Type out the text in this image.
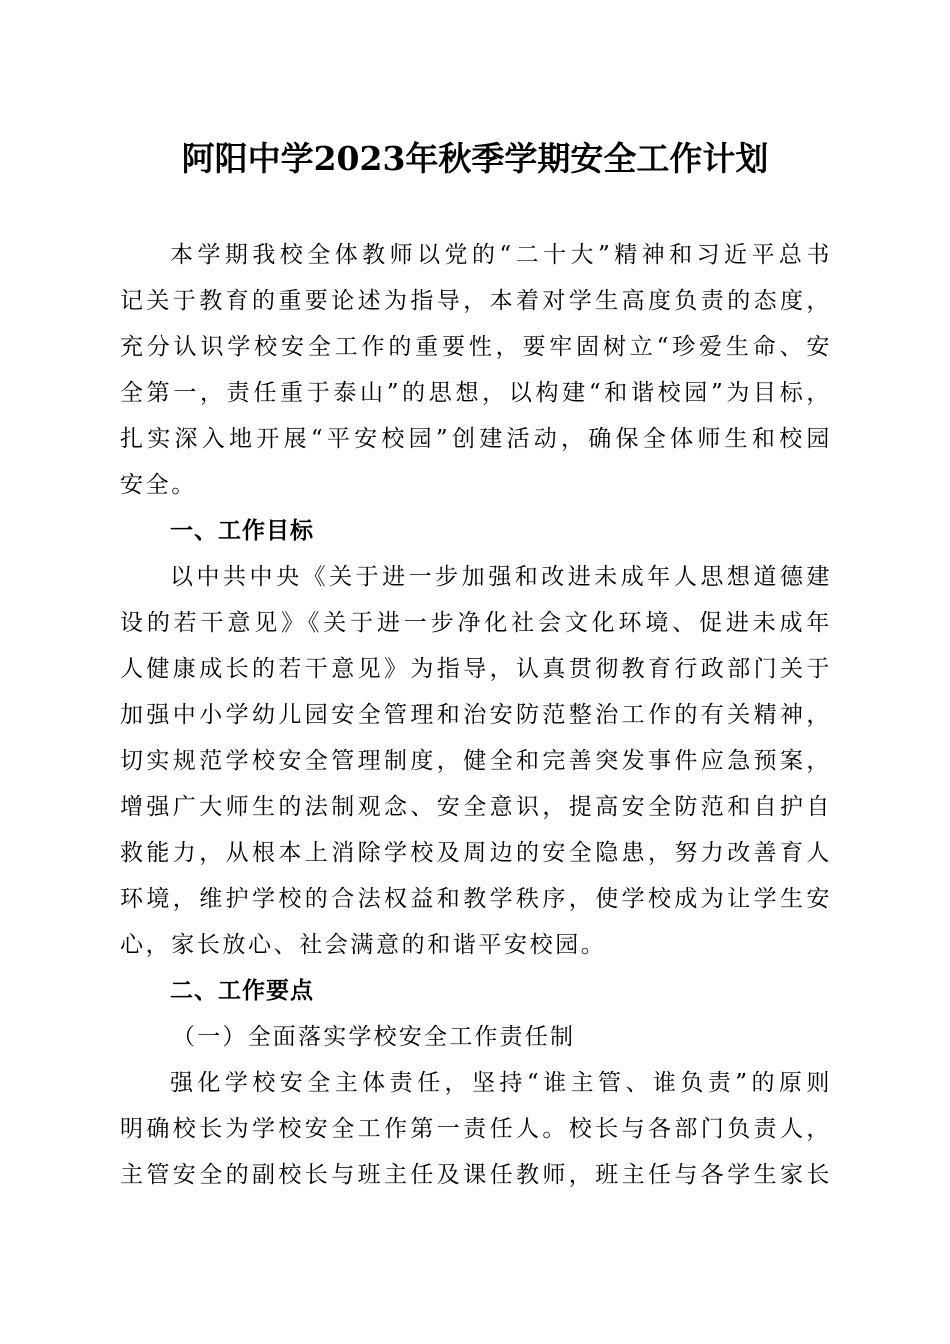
阿阳中学2023年秋季学期安全工作计划
本学期我校全体教师以党的“二十大”精神和习近平总书
记关于教育的重要论述为指导，本着对学生高度负责的态度，
充分认识学校安全工作的重要性，要牢固树立“珍爱生命、安
全第一，责任重于泰山”的思想，以构建“和谐校园”为目标，
扎实深入地开展“平安校园”创建活动，确保全体师生和校园
安全。
一、工作目标
以中共中央《关于进一步加强和改进未成年人思想道德建
设的若干意见》《关于进一步净化社会文化环境、促进未成年
人健康成长的若干意见》为指导，认真贯彻教育行政部门关于
加强中小学幼儿园安全管理和治安防范整治工作的有关精神，
切实规范学校安全管理制度，健全和完善突发事件应急预案，
增强广大师生的法制观念、安全意识，提高安全防范和自护自
救能力，从根本上消除学校及周边的安全隐患，努力改善育人
环境，维护学校的合法权益和教学秩序，使学校成为让学生安
心，家长放心、社会满意的和谐平安校园。
二、工作要点
（一）全面落实学校安全工作责任制
强化学校安全主体责任，坚持“谁主管、谁负责”的原则
明确校长为学校安全工作第一责任人。校长与各部门负责人，
主管安全的副校长与班主任及课任教师，班主任与各学生家长
